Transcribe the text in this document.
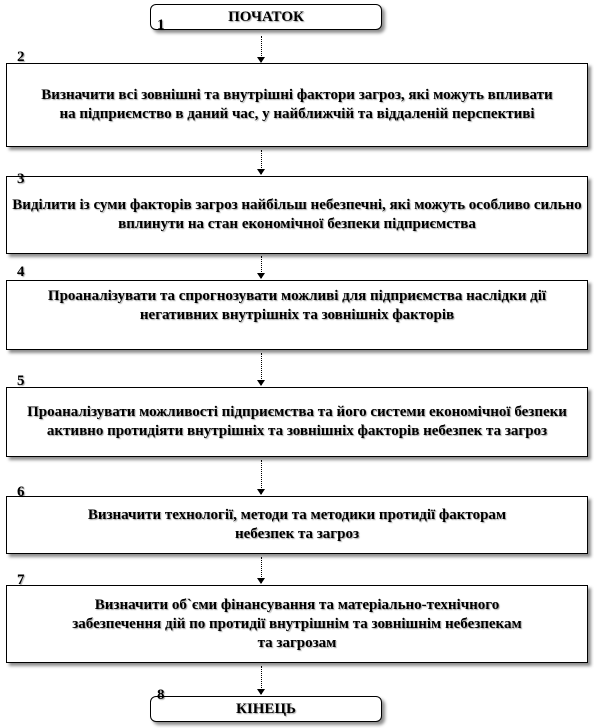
ПОЧАТОК
1
Визначити всі зовнішні та внутрішні фактори загроз, які можуть впливати на підприємство в даний час, у найближчій та віддаленій перспективі
2
Виділити із суми факторів загроз найбільш небезпечні, які можуть особливо сильно вплинути на стан економічної безпеки підприємства
3
Проаналізувати та спрогнозувати можливі для підприємства наслідки дії негативних внутрішніх та зовнішніх факторів
4
Проаналізувати можливості підприємства та його системи економічної безпеки активно протидіяти внутрішніх та зовнішніх факторів небезпек та загроз
5
Визначити технології, методи та методики протидії факторам небезпек та загроз
6
Визначити об`єми фінансування та матеріально-технічного забезпечення дій по протидії внутрішнім та зовнішнім небезпекам та загрозам
7
КІНЕЦЬ
8
